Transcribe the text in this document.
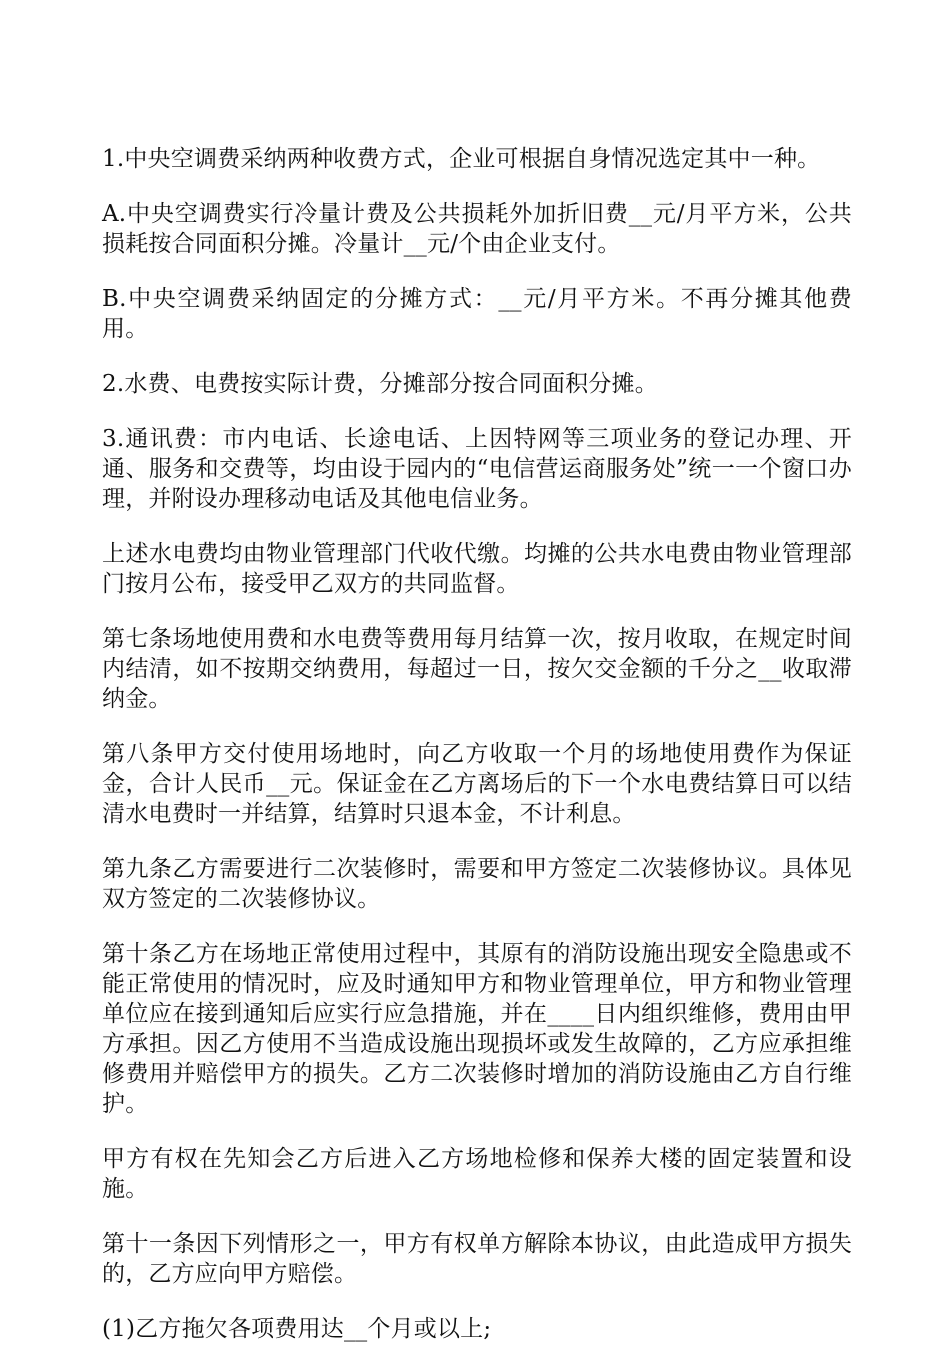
1.中央空调费采纳两种收费方式，企业可根据自身情况选定其中一种。

A.中央空调费实行冷量计费及公共损耗外加折旧费__元/月平方米，公共损耗按合同面积分摊。冷量计__元/个由企业支付。

B.中央空调费采纳固定的分摊方式：__元/月平方米。不再分摊其他费用。

2.水费、电费按实际计费，分摊部分按合同面积分摊。

3.通讯费：市内电话、长途电话、上因特网等三项业务的登记办理、开通、服务和交费等，均由设于园内的“电信营运商服务处”统一一个窗口办理，并附设办理移动电话及其他电信业务。

上述水电费均由物业管理部门代收代缴。均摊的公共水电费由物业管理部门按月公布，接受甲乙双方的共同监督。

第七条场地使用费和水电费等费用每月结算一次，按月收取，在规定时间内结清，如不按期交纳费用，每超过一日，按欠交金额的千分之__收取滞纳金。

第八条甲方交付使用场地时，向乙方收取一个月的场地使用费作为保证金，合计人民币__元。保证金在乙方离场后的下一个水电费结算日可以结清水电费时一并结算，结算时只退本金，不计利息。

第九条乙方需要进行二次装修时，需要和甲方签定二次装修协议。具体见双方签定的二次装修协议。

第十条乙方在场地正常使用过程中，其原有的消防设施出现安全隐患或不能正常使用的情况时，应及时通知甲方和物业管理单位，甲方和物业管理单位应在接到通知后应实行应急措施，并在____日内组织维修，费用由甲方承担。因乙方使用不当造成设施出现损坏或发生故障的，乙方应承担维修费用并赔偿甲方的损失。乙方二次装修时增加的消防设施由乙方自行维护。

甲方有权在先知会乙方后进入乙方场地检修和保养大楼的固定装置和设施。

第十一条因下列情形之一，甲方有权单方解除本协议，由此造成甲方损失的，乙方应向甲方赔偿。

(1)乙方拖欠各项费用达__个月或以上;
